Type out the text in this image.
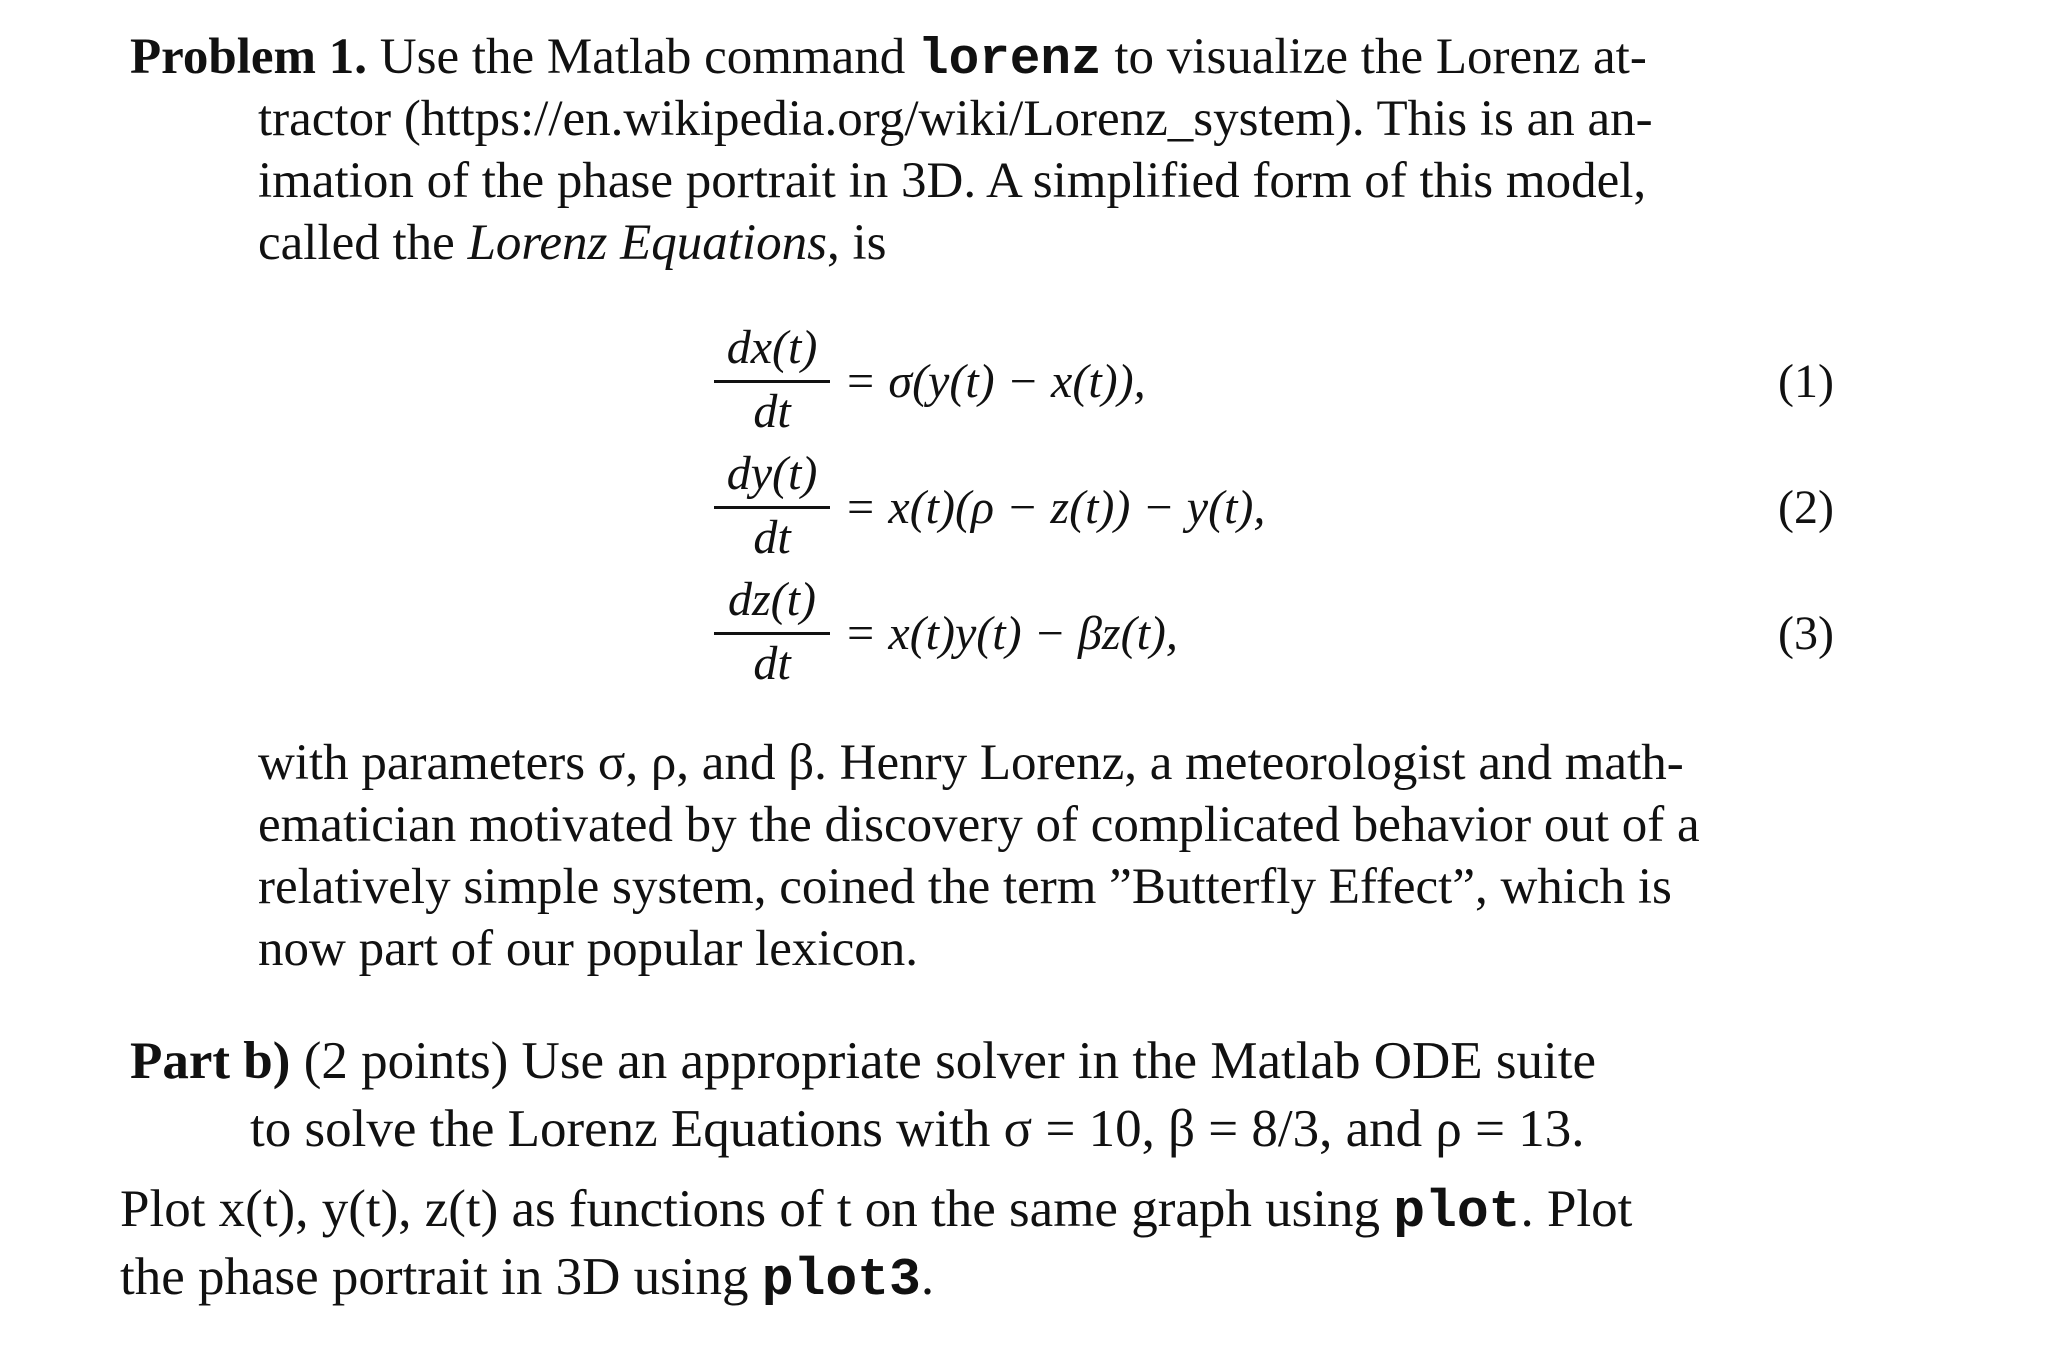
Problem 1. Use the Matlab command lorenz to visualize the Lorenz at-
tractor (https://en.wikipedia.org/wiki/Lorenz_system). This is an an-
imation of the phase portrait in 3D. A simplified form of this model,
called the Lorenz Equations, is
dx(t)
dt
= σ(y(t) − x(t)),	(1)
dy(t)
dt
= x(t)(ρ − z(t)) − y(t),	(2)
dz(t)
dt
= x(t)y(t) − βz(t),	(3)
with parameters σ, ρ, and β. Henry Lorenz, a meteorologist and math-
ematician motivated by the discovery of complicated behavior out of a
relatively simple system, coined the term ”Butterfly Effect”, which is
now part of our popular lexicon.
Part b) (2 points) Use an appropriate solver in the Matlab ODE suite
to solve the Lorenz Equations with σ = 10, β = 8/3, and ρ = 13.
Plot x(t), y(t), z(t) as functions of t on the same graph using plot. Plot
the phase portrait in 3D using plot3.
